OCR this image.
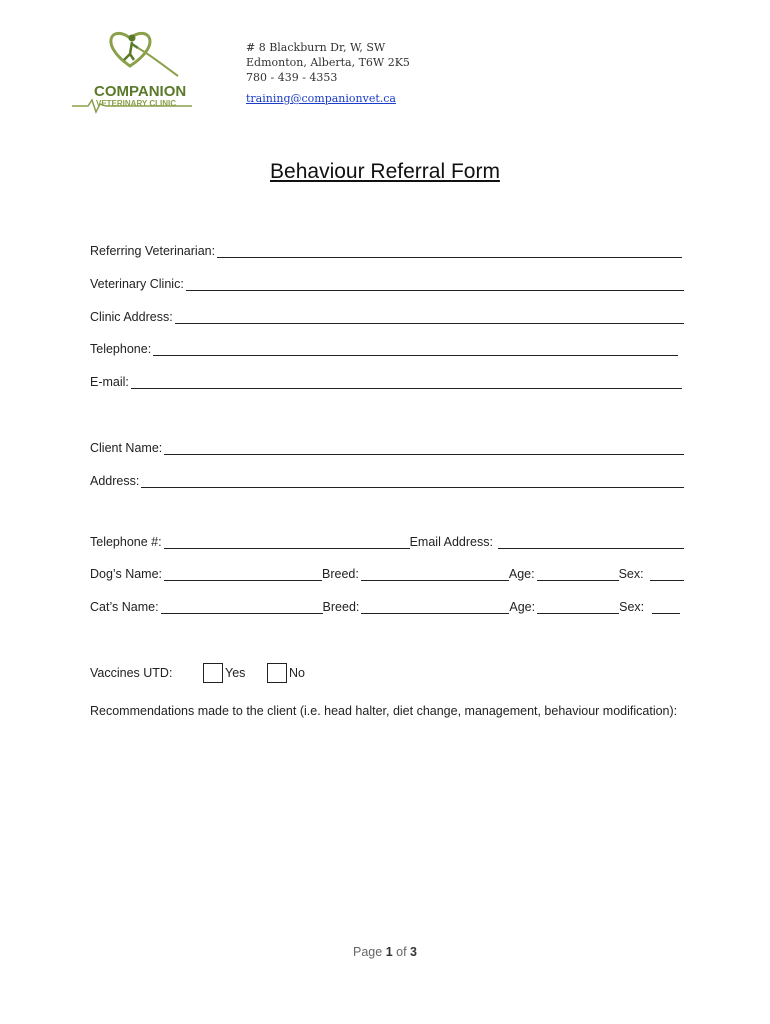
COMPANION
VETERINARY CLINIC
# 8 Blackburn Dr, W, SW
Edmonton, Alberta, T6W 2K5
780 - 439 - 4353
training@companionvet.ca
Behaviour Referral Form
Referring Veterinarian:
Veterinary Clinic:
Clinic Address:
Telephone:
E-mail:
Client Name:
Address:
Telephone #:	Email Address:
Dog’s Name:	Breed:	Age:	Sex:
Cat’s Name:	Breed:	Age:	Sex:
Vaccines UTD:	Yes	No
Recommendations made to the client (i.e. head halter, diet change, management, behaviour modification):
Page 1 of 3
